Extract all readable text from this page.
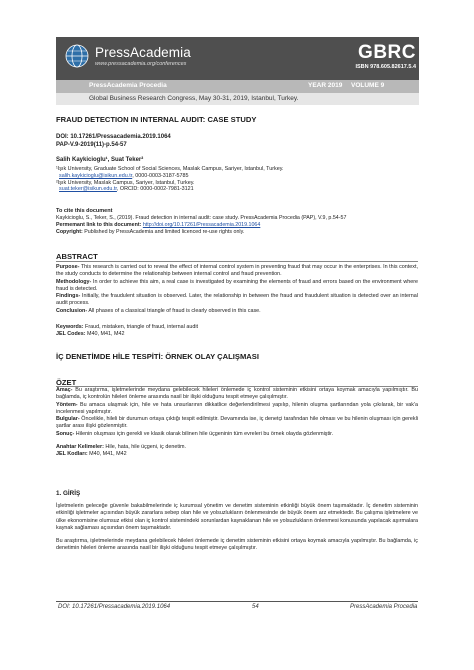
PressAcademia
www.pressacademia.org/conferences
GBRC
ISBN 978.605.82617.5.4
PressAcademia Procedia	YEAR 2019 VOLUME 9
Global Business Research Congress, May 30-31, 2019, Istanbul, Turkey.
FRAUD DETECTION IN INTERNAL AUDIT: CASE STUDY
DOI: 10.17261/Pressacademia.2019.1064
PAP-V.9-2019(11)-p.54-57
Salih Kaykicioglu¹, Suat Teker²
¹Işık University, Graduate School of Social Sciences, Maslak Campus, Sariyer, Istanbul, Turkey.
salih.kaykicioglu@isikun.edu.tr, 0000-0003-3187-5785
²Işık University, Maslak Campus, Sariyer, Istanbul, Turkey.
suat.teker@isikun.edu.tr, ORCID: 0000-0002-7981-3121
To cite this document
Kaykicioglu, S., Teker, S., (2019). Fraud detection in internal audit: case study. PressAcademia Procedia (PAP), V.9, p.54-57
Permemant link to this document: http://doi.org/10.17261/Pressacademia.2019.1064
Copyright: Published by PressAcademia and limited licenced re-use rights only.
ABSTRACT
Purpose- This research is carried out to reveal the effect of internal control system in preventing fraud that may occur in the enterprises. In this context, the study conducts to determine the relationship between internal control and fraud prevention.
Methodology- In order to achieve this aim, a real case is investigated by examining the elements of fraud and errors based on the environment where fraud is detected.
Findings- Initially, the fraudulent situation is observed. Later, the relationship in between the fraud and fraudulent situation is detected over an internal audit process.
Conclusion- All phases of a classical triangle of fraud is clearly observed in this case.
Keywords: Fraud, mistaken, triangle of fraud, internal audit
JEL Codes: M40, M41, M42
İÇ DENETİMDE HİLE TESPİTİ: ÖRNEK OLAY ÇALIŞMASI
ÖZET
Amaç- Bu araştırma, işletmelerinde meydana gelebilecek hileleri önlemede iç kontrol sisteminin etkisini ortaya koymak amacıyla yapılmıştır. Bu bağlamda, iç kontrolün hileleri önleme arasında nasil bir ilişki olduğunu tespit etmeye çalışılmıştır.
Yöntem- Bu amaca ulaşmak için, hile ve hata unsurlarının dikkatlice değerlendirilmesi yapılıp, hilenin oluşma şartlarından yola çıkılarak, bir vak'a incelenmesi yapılmıştır.
Bulgular- Öncelikle, hileli bir durumun ortaya çıktığı tespit edilmiştir. Devamında ise, iç denetçi tarafından hile olması ve bu hilenin oluşması için gerekli şartlar arası ilişki gözlenmiştir.
Sonuç- Hilenin oluşması için gerekli ve klasik olarak bilinen hile üçgeninin tüm evreleri bu örnek olayda gözlenmiştir.
Anahtar Kelimeler: Hile, hata, hile üçgeni, iç denetim.
JEL Kodları: M40, M41, M42
1. GİRİŞ
İşletmelerin geleceğe güvenle bakabilmelerinde iç kurumsal yönetim ve denetim sisteminin etkinliği büyük önem taşımaktadır. İç denetim sisteminin etkinliği işletmeler açısından büyük zararlara sebep olan hile ve yolsuzlukların önlenmesinde de büyük önem arz etmektedir. Bu çalışma işletmelere ve ülke ekonomisine olumsuz etkisi olan iç kontrol sistemindeki sorunlardan kaynaklanan hile ve yolsuzlukların önlenmesi konusunda yapılacak aşırmalara kaynak sağlaması açısından önem taşımaktadır.
Bu araştırma, işletmelerinde meydana gelebilecek hileleri önlemede iç denetim sisteminin etkisini ortaya koymak amacıyla yapılmıştır. Bu bağlamda, iç denetimin hileleri önleme arasında nasil bir ilişki olduğunu tespit etmeye çalışılmıştır.
DOI: 10.17261/Pressacademia.2019.1064	54	PressAcademia Procedia
